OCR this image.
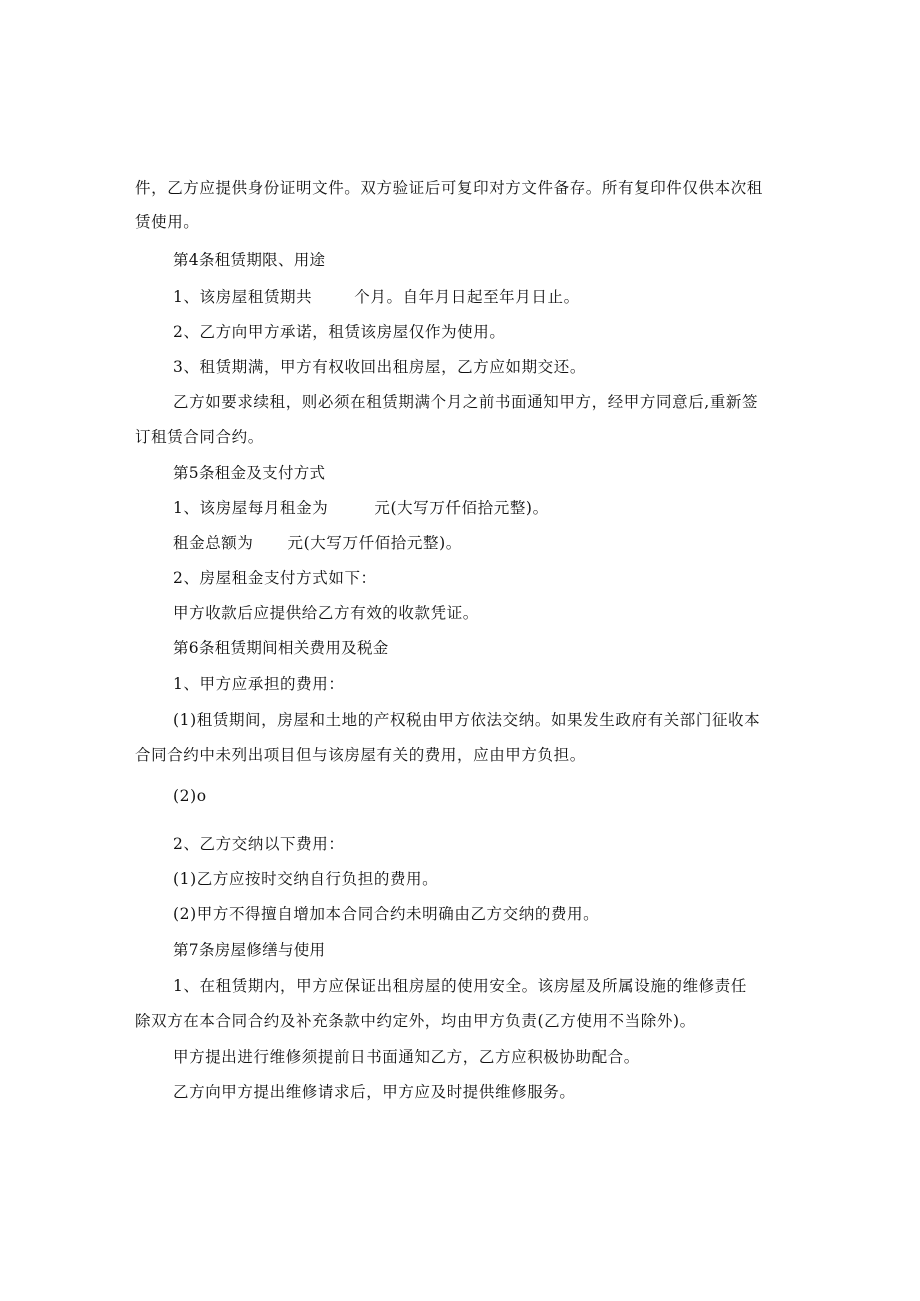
件，乙方应提供身份证明文件。双方验证后可复印对方文件备存。所有复印件仅供本次租
赁使用。
第4条租赁期限、用途
1、该房屋租赁期共	个月。自年月日起至年月日止。
2、乙方向甲方承诺，租赁该房屋仅作为使用。
3、租赁期满，甲方有权收回出租房屋，乙方应如期交还。
乙方如要求续租，则必须在租赁期满个月之前书面通知甲方，经甲方同意后,重新签
订租赁合同合约。
第5条租金及支付方式
1、该房屋每月租金为	元(大写万仟佰拾元整)。
租金总额为 元(大写万仟佰拾元整)。
2、房屋租金支付方式如下：
甲方收款后应提供给乙方有效的收款凭证。
第6条租赁期间相关费用及税金
1、甲方应承担的费用：
(1)租赁期间，房屋和土地的产权税由甲方依法交纳。如果发生政府有关部门征收本
合同合约中未列出项目但与该房屋有关的费用，应由甲方负担。
(2)o
2、乙方交纳以下费用：
(1)乙方应按时交纳自行负担的费用。
(2)甲方不得擅自增加本合同合约未明确由乙方交纳的费用。
第7条房屋修缮与使用
1、在租赁期内，甲方应保证出租房屋的使用安全。该房屋及所属设施的维修责任
除双方在本合同合约及补充条款中约定外，均由甲方负责(乙方使用不当除外)。
甲方提出进行维修须提前日书面通知乙方，乙方应积极协助配合。
乙方向甲方提出维修请求后，甲方应及时提供维修服务。
